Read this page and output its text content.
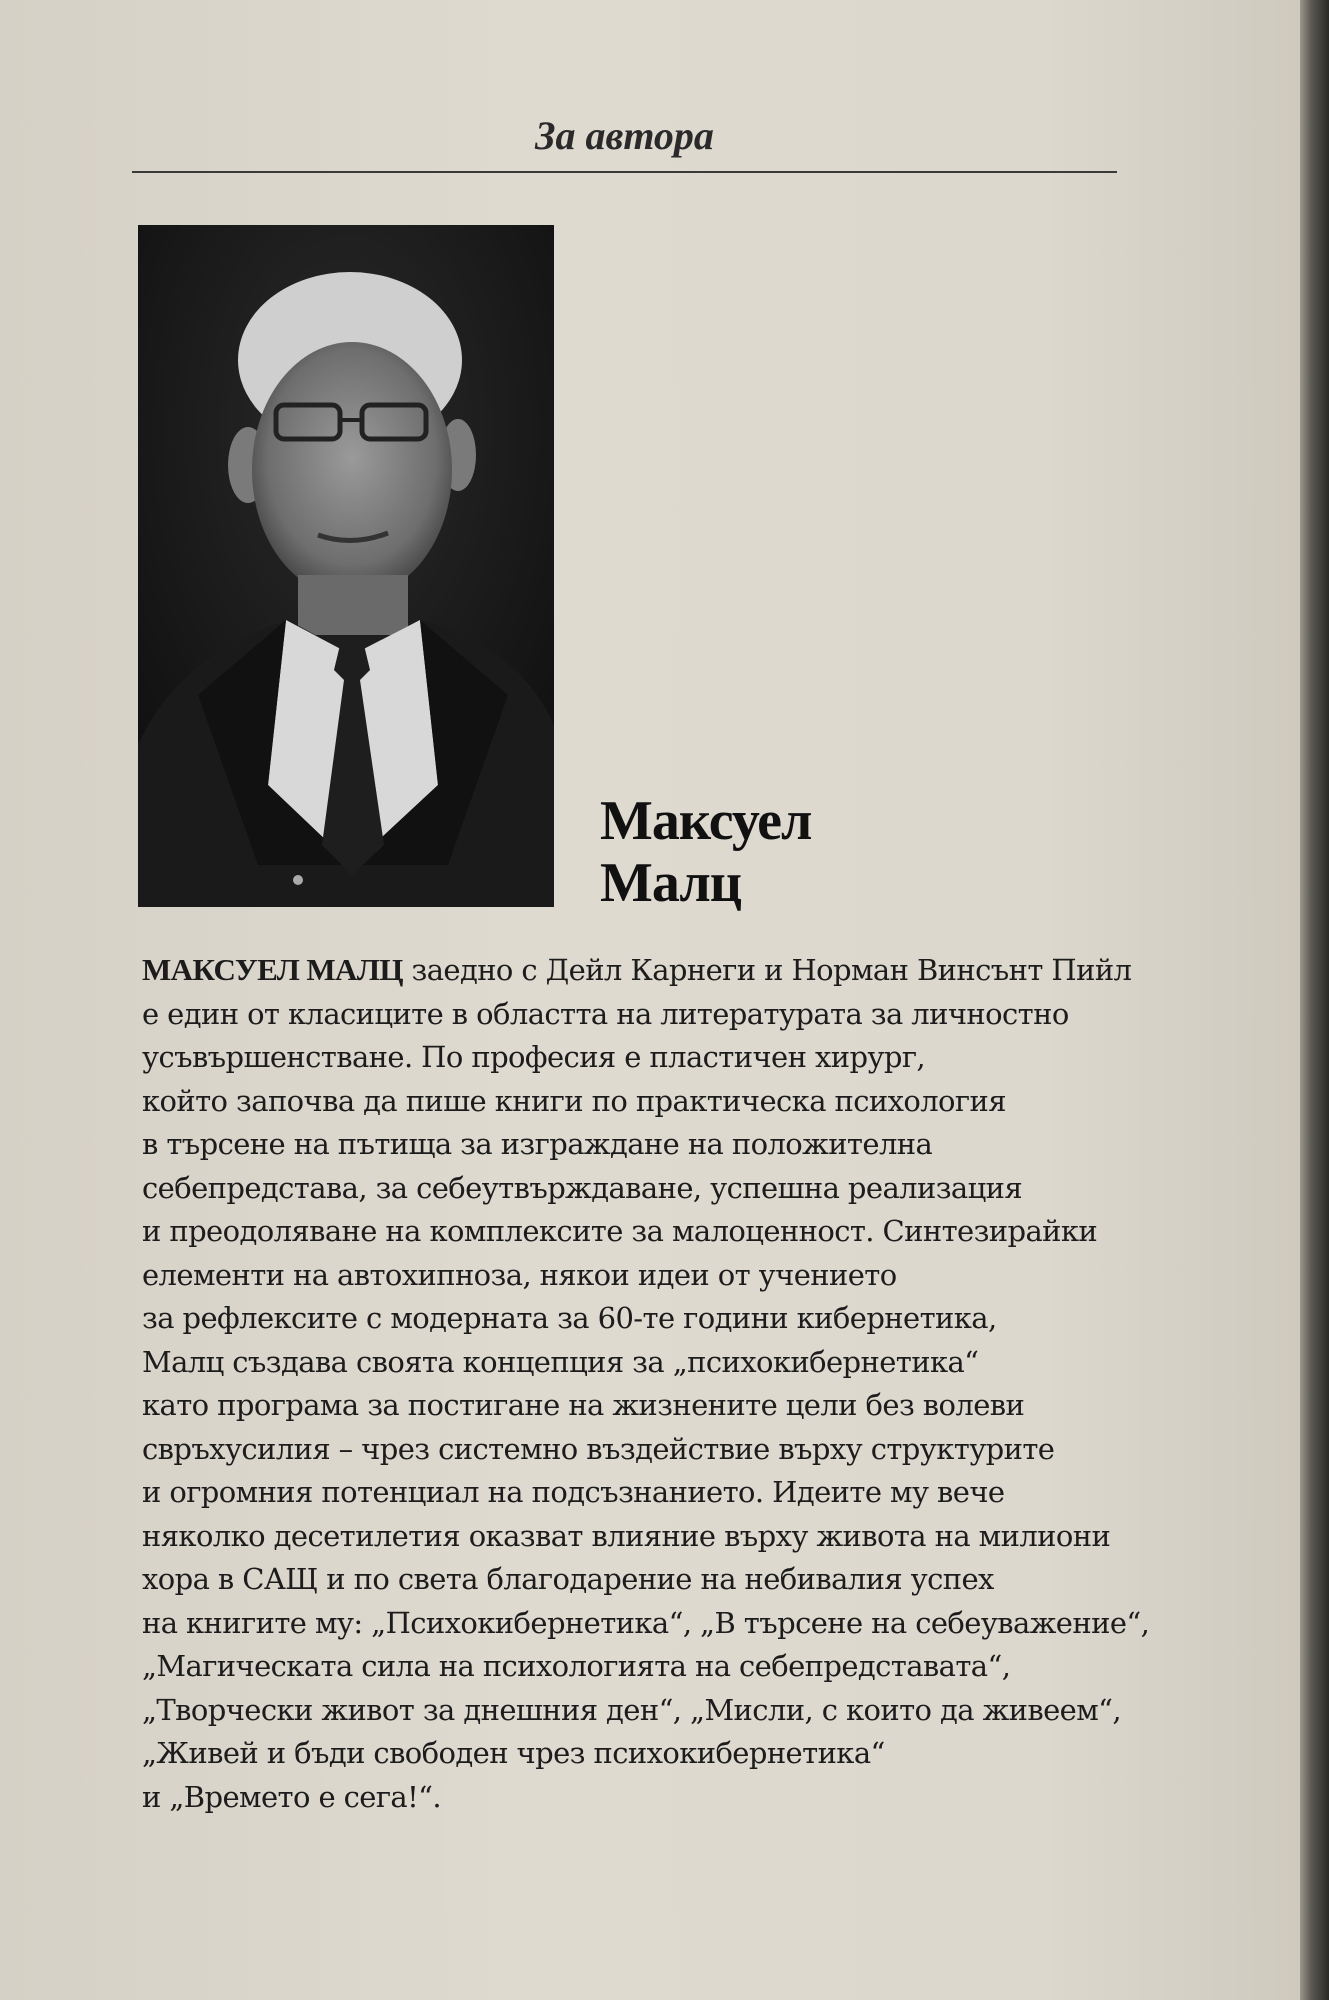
За автора
Максуел
Малц
МАКСУЕЛ МАЛЦ заедно с Дейл Карнеги и Норман Винсънт Пийл
е един от класиците в областта на литературата за личностно
усъвършенстване. По професия е пластичен хирург,
който започва да пише книги по практическа психология
в търсене на пътища за изграждане на положителна
себепредстава, за себеутвърждаване, успешна реализация
и преодоляване на комплексите за малоценност. Синтезирайки
елементи на автохипноза, някои идеи от учението
за рефлексите с модерната за 60-те години кибернетика,
Малц създава своята концепция за „психокибернетика“
като програма за постигане на жизнените цели без волеви
свръхусилия – чрез системно въздействие върху структурите
и огромния потенциал на подсъзнанието. Идеите му вече
няколко десетилетия оказват влияние върху живота на милиони
хора в САЩ и по света благодарение на небивалия успех
на книгите му: „Психокибернетика“, „В търсене на себеуважение“,
„Магическата сила на психологията на себепредставата“,
„Творчески живот за днешния ден“, „Мисли, с които да живеем“,
„Живей и бъди свободен чрез психокибернетика“
и „Времето е сега!“.
